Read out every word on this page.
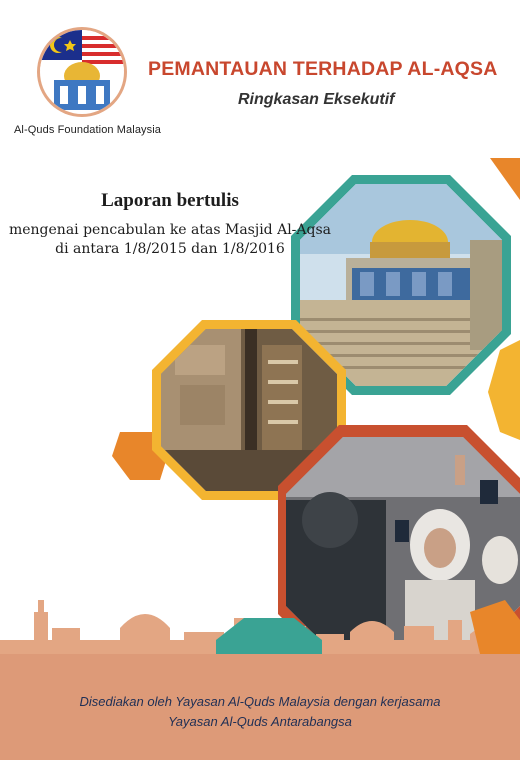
Al-Quds Foundation Malaysia
PEMANTAUAN TERHADAP AL-AQSA
Ringkasan Eksekutif
Laporan bertulis
mengenai pencabulan ke atas Masjid Al-Aqsa
di antara 1/8/2015 dan 1/8/2016
Disediakan oleh Yayasan Al-Quds Malaysia dengan kerjasama
Yayasan Al-Quds Antarabangsa
